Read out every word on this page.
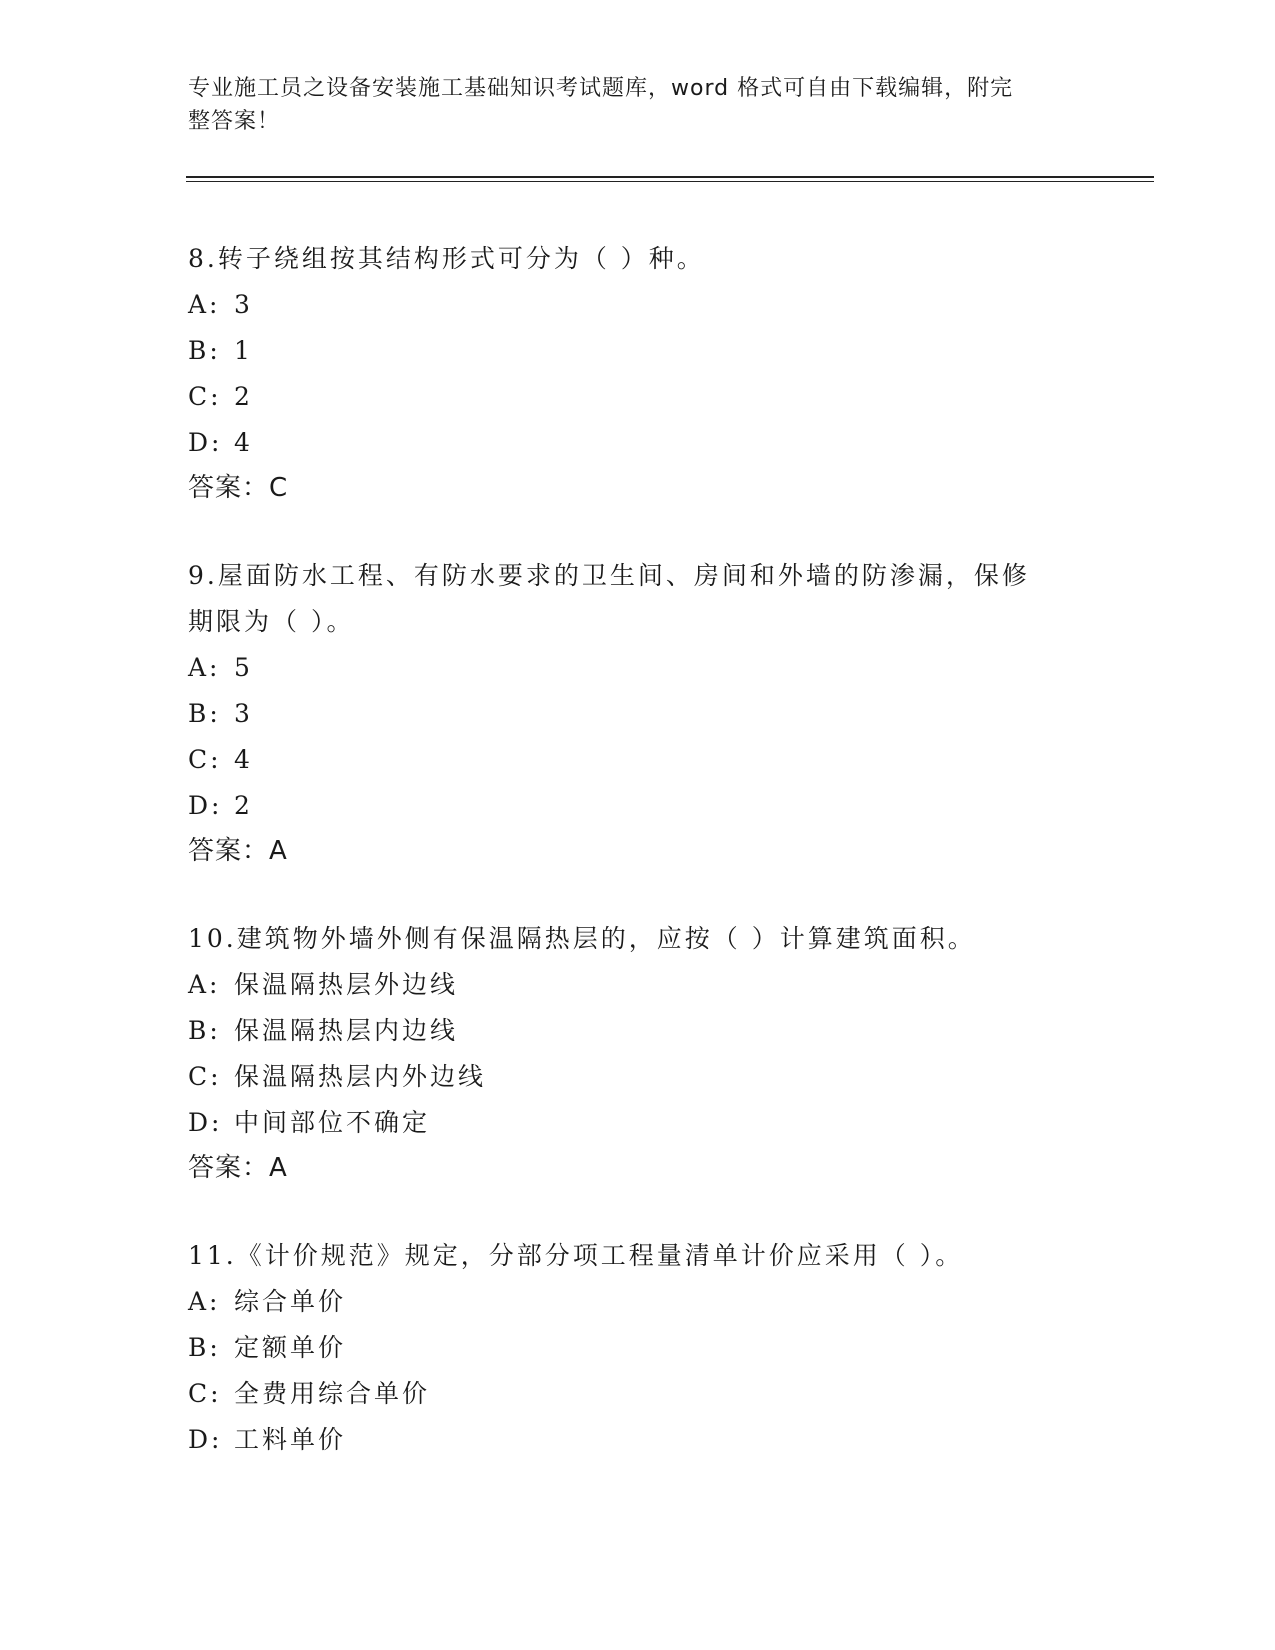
专业施工员之设备安装施工基础知识考试题库，word 格式可自由下载编辑，附完
整答案！

8.转子绕组按其结构形式可分为（ ）种。

A: 3

B: 1

C: 2

D: 4

答案：C

9.屋面防水工程、有防水要求的卫生间、房间和外墙的防渗漏，保修

期限为（ ）。

A: 5

B: 3

C: 4

D: 2

答案：A

10.建筑物外墙外侧有保温隔热层的，应按（ ）计算建筑面积。

A: 保温隔热层外边线

B: 保温隔热层内边线

C: 保温隔热层内外边线

D: 中间部位不确定

答案：A

11.《计价规范》规定，分部分项工程量清单计价应采用（ ）。

A: 综合单价

B: 定额单价

C: 全费用综合单价

D: 工料单价
